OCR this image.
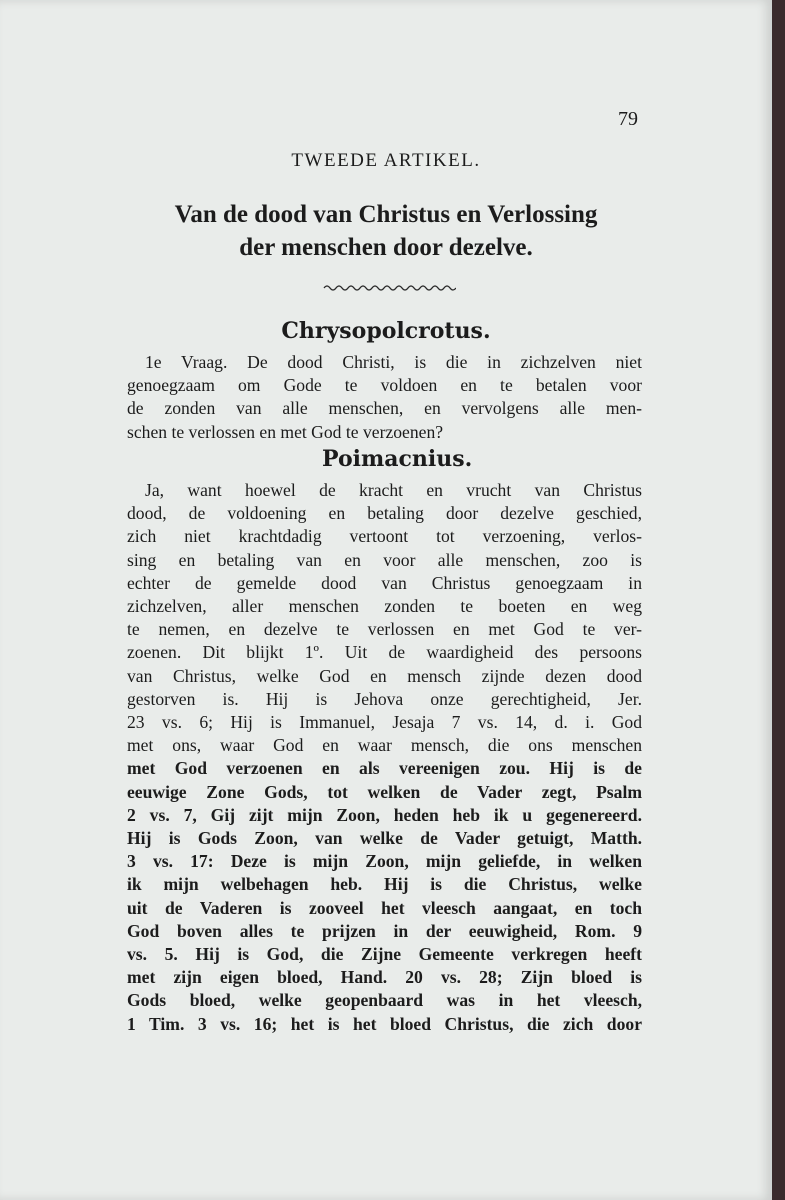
79
TWEEDE ARTIKEL.
Van de dood van Christus en Verlossing
der menschen door dezelve.
Chrysopolcrotus.
1e Vraag. De dood Christi, is die in zichzelven niet
genoegzaam om Gode te voldoen en te betalen voor
de zonden van alle menschen, en vervolgens alle men-
schen te verlossen en met God te verzoenen?
Poimacnius.
Ja, want hoewel de kracht en vrucht van Christus
dood, de voldoening en betaling door dezelve geschied,
zich niet krachtdadig vertoont tot verzoening, verlos-
sing en betaling van en voor alle menschen, zoo is
echter de gemelde dood van Christus genoegzaam in
zichzelven, aller menschen zonden te boeten en weg
te nemen, en dezelve te verlossen en met God te ver-
zoenen. Dit blijkt 1º. Uit de waardigheid des persoons
van Christus, welke God en mensch zijnde dezen dood
gestorven is. Hij is Jehova onze gerechtigheid, Jer.
23 vs. 6; Hij is Immanuel, Jesaja 7 vs. 14, d. i. God
met ons, waar God en waar mensch, die ons menschen
met God verzoenen en als vereenigen zou. Hij is de
eeuwige Zone Gods, tot welken de Vader zegt, Psalm
2 vs. 7, Gij zijt mijn Zoon, heden heb ik u gegenereerd.
Hij is Gods Zoon, van welke de Vader getuigt, Matth.
3 vs. 17: Deze is mijn Zoon, mijn geliefde, in welken
ik mijn welbehagen heb. Hij is die Christus, welke
uit de Vaderen is zooveel het vleesch aangaat, en toch
God boven alles te prijzen in der eeuwigheid, Rom. 9
vs. 5. Hij is God, die Zijne Gemeente verkregen heeft
met zijn eigen bloed, Hand. 20 vs. 28; Zijn bloed is
Gods bloed, welke geopenbaard was in het vleesch,
1 Tim. 3 vs. 16; het is het bloed Christus, die zich door
